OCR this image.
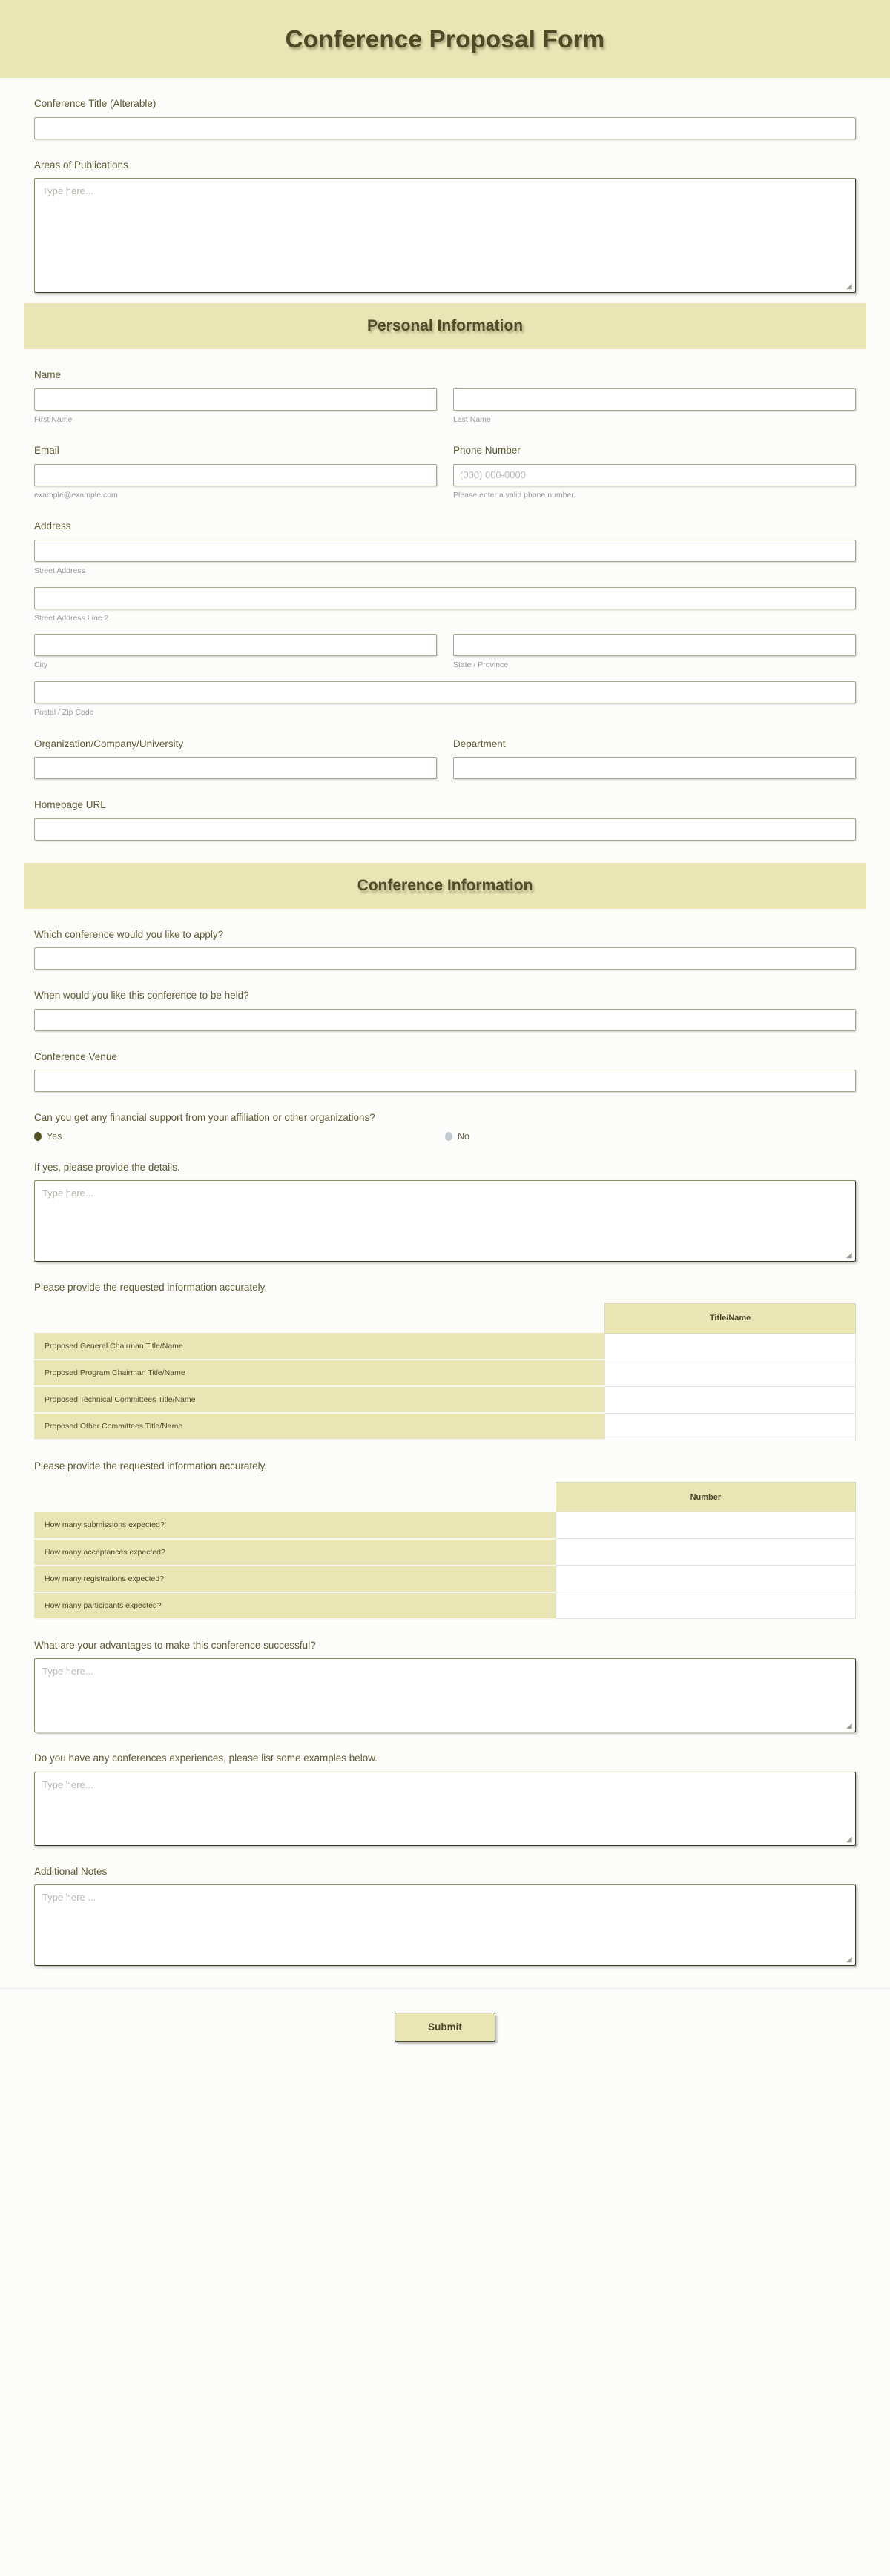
Conference Proposal Form
Conference Title (Alterable)
Areas of Publications
Type here...
◢
Personal Information
Name
First Name	Last Name
Email
example@example.com
Phone Number
(000) 000-0000
Please enter a valid phone number.
Address
Street Address
Street Address Line 2
City	State / Province
Postal / Zip Code
Organization/Company/University	Department
Homepage URL
Conference Information
Which conference would you like to apply?
When would you like this conference to be held?
Conference Venue
Can you get any financial support from your affiliation or other organizations?
Yes	No
If yes, please provide the details.
Type here...
◢
Please provide the requested information accurately.
	Title/Name
Proposed General Chairman Title/Name	
Proposed Program Chairman Title/Name	
Proposed Technical Committees Title/Name	
Proposed Other Committees Title/Name	
Please provide the requested information accurately.
	Number
How many submissions expected?	
How many acceptances expected?	
How many registrations expected?	
How many participants expected?	
What are your advantages to make this conference successful?
Type here...
◢
Do you have any conferences experiences, please list some examples below.
Type here...
◢
Additional Notes
Type here ...
◢
Submit
